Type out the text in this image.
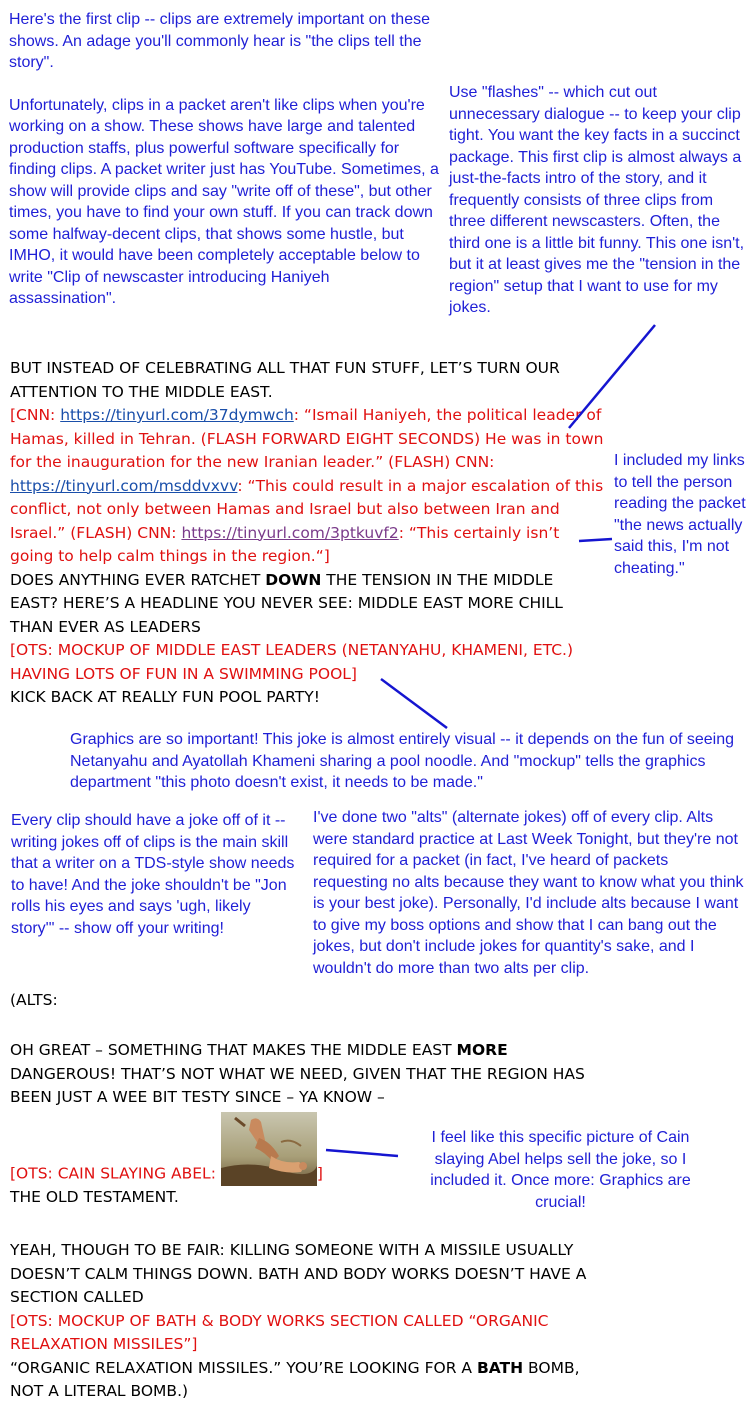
Here's the first clip -- clips are extremely important on these shows. An adage you'll commonly hear is "the clips tell the story".

Unfortunately, clips in a packet aren't like clips when you're working on a show. These shows have large and talented production staffs, plus powerful software specifically for finding clips. A packet writer just has YouTube. Sometimes, a show will provide clips and say "write off of these", but other times, you have to find your own stuff. If you can track down some halfway-decent clips, that shows some hustle, but IMHO, it would have been completely acceptable below to write "Clip of newscaster introducing Haniyeh assassination".

Use "flashes" -- which cut out unnecessary dialogue -- to keep your clip tight. You want the key facts in a succinct package. This first clip is almost always a just-the-facts intro of the story, and it frequently consists of three clips from three different newscasters. Often, the third one is a little bit funny. This one isn't, but it at least gives me the "tension in the region" setup that I want to use for my jokes.
BUT INSTEAD OF CELEBRATING ALL THAT FUN STUFF, LET’S TURN OUR ATTENTION TO THE MIDDLE EAST.
[CNN: https://tinyurl.com/37dymwch: “Ismail Haniyeh, the political leader of Hamas, killed in Tehran. (FLASH FORWARD EIGHT SECONDS) He was in town for the inauguration for the new Iranian leader.” (FLASH) CNN: https://tinyurl.com/msddvxvv: “This could result in a major escalation of this conflict, not only between Hamas and Israel but also between Iran and Israel.” (FLASH) CNN: https://tinyurl.com/3ptkuvf2: “This certainly isn’t going to help calm things in the region.“]
DOES ANYTHING EVER RATCHET DOWN THE TENSION IN THE MIDDLE EAST? HERE’S A HEADLINE YOU NEVER SEE: MIDDLE EAST MORE CHILL THAN EVER AS LEADERS
[OTS: MOCKUP OF MIDDLE EAST LEADERS (NETANYAHU, KHAMENI, ETC.) HAVING LOTS OF FUN IN A SWIMMING POOL]
KICK BACK AT REALLY FUN POOL PARTY!
I included my links to tell the person reading the packet "the news actually said this, I'm not cheating."
Graphics are so important! This joke is almost entirely visual -- it depends on the fun of seeing Netanyahu and Ayatollah Khameni sharing a pool noodle. And "mockup" tells the graphics department "this photo doesn't exist, it needs to be made."
Every clip should have a joke off of it -- writing jokes off of clips is the main skill that a writer on a TDS-style show needs to have! And the joke shouldn't be "Jon rolls his eyes and says 'ugh, likely story'" -- show off your writing!
I've done two "alts" (alternate jokes) off of every clip. Alts were standard practice at Last Week Tonight, but they're not required for a packet (in fact, I've heard of packets requesting no alts because they want to know what you think is your best joke). Personally, I'd include alts because I want to give my boss options and show that I can bang out the jokes, but don't include jokes for quantity's sake, and I wouldn't do more than two alts per clip.
(ALTS:
OH GREAT – SOMETHING THAT MAKES THE MIDDLE EAST MORE DANGEROUS! THAT’S NOT WHAT WE NEED, GIVEN THAT THE REGION HAS BEEN JUST A WEE BIT TESTY SINCE – YA KNOW –
[OTS: CAIN SLAYING ABEL:	]
THE OLD TESTAMENT.
I feel like this specific picture of Cain slaying Abel helps sell the joke, so I included it. Once more: Graphics are crucial!
YEAH, THOUGH TO BE FAIR: KILLING SOMEONE WITH A MISSILE USUALLY DOESN’T CALM THINGS DOWN. BATH AND BODY WORKS DOESN’T HAVE A SECTION CALLED
[OTS: MOCKUP OF BATH & BODY WORKS SECTION CALLED “ORGANIC RELAXATION MISSILES”]
“ORGANIC RELAXATION MISSILES.” YOU’RE LOOKING FOR A BATH BOMB, NOT A LITERAL BOMB.)
